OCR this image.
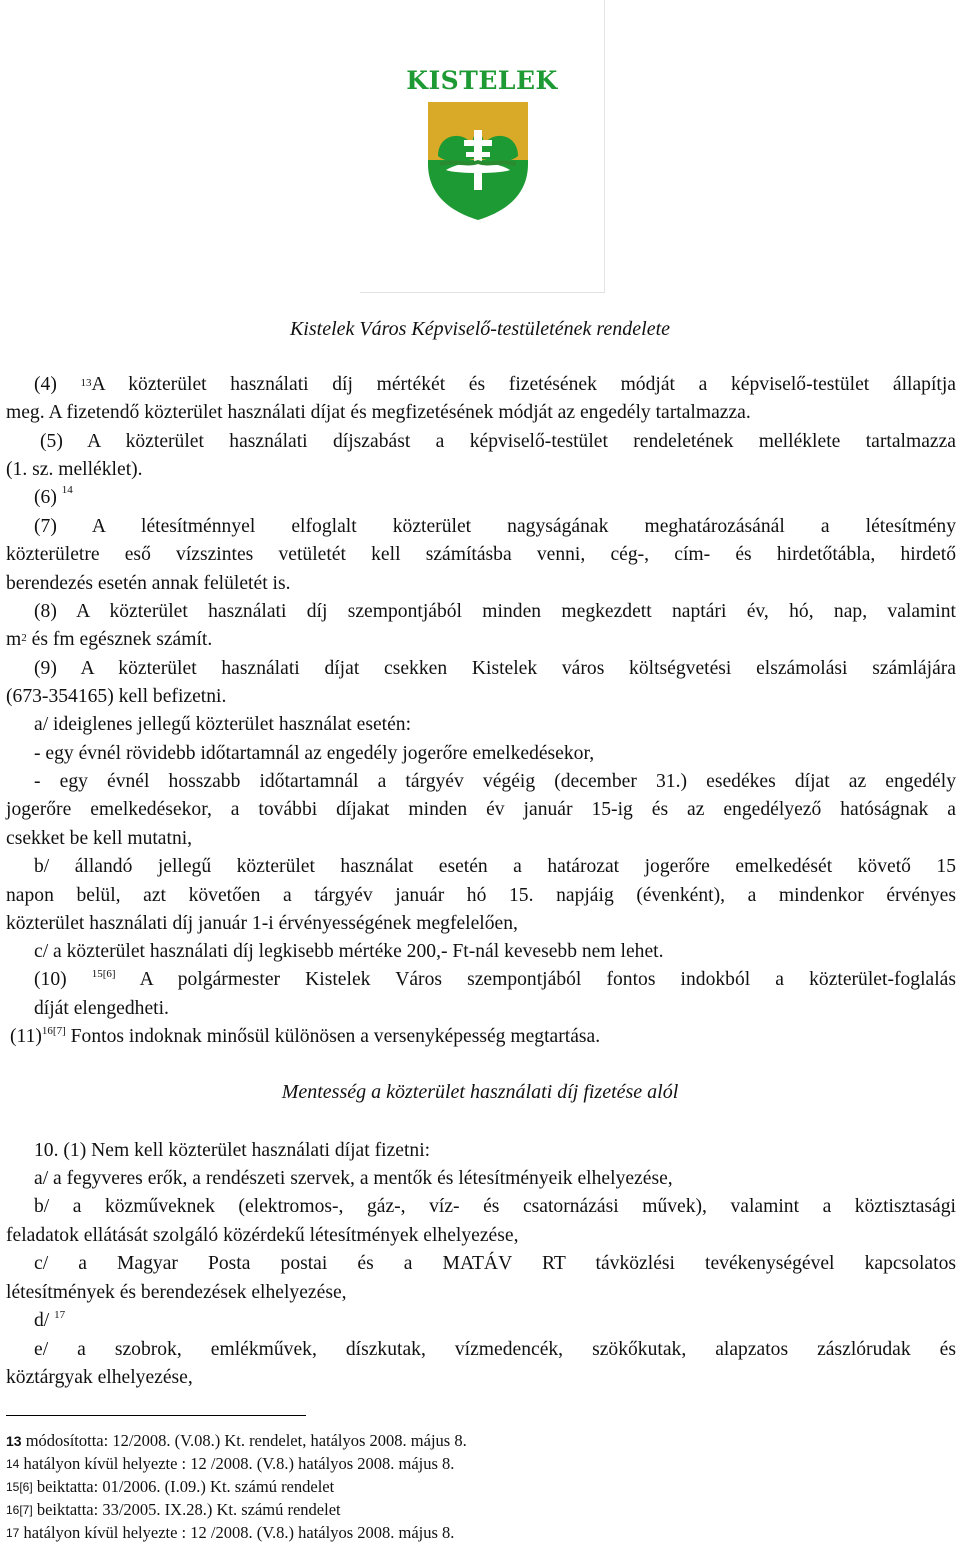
KISTELEK
Kistelek Város Képviselő-testületének rendelete
(4) $^{13}$A közterület használati díj mértékét és fizetésének módját a képviselő-testület állapítja
meg. A fizetendő közterület használati díjat és megfizetésének módját az engedély tartalmazza.
(5) A közterület használati díjszabást a képviselő-testület rendeletének melléklete tartalmazza
(1. sz. melléklet).
(6) $^{14}$
(7) A létesítménnyel elfoglalt közterület nagyságának meghatározásánál a létesítmény
közterületre eső vízszintes vetületét kell számításba venni, cég-, cím- és hirdetőtábla, hirdető
berendezés esetén annak felületét is.
(8) A közterület használati díj szempontjából minden megkezdett naptári év, hó, nap, valamint
$m^2$ és fm egésznek számít.
(9) A közterület használati díjat csekken Kistelek város költségvetési elszámolási számlájára
(673-354165) kell befizetni.
a/ ideiglenes jellegű közterület használat esetén:
- egy évnél rövidebb időtartamnál az engedély jogerőre emelkedésekor,
- egy évnél hosszabb időtartamnál a tárgyév végéig (december 31.) esedékes díjat az engedély
jogerőre emelkedésekor, a további díjakat minden év január 15-ig és az engedélyező hatóságnak a
csekket be kell mutatni,
b/ állandó jellegű közterület használat esetén a határozat jogerőre emelkedését követő 15
napon belül, azt követően a tárgyév január hó 15. napjáig (évenként), a mindenkor érvényes
közterület használati díj január 1-i érvényességének megfelelően,
c/ a közterület használati díj legkisebb mértéke 200,- Ft-nál kevesebb nem lehet.
(10) $^{15[6]}$ A polgármester Kistelek Város szempontjából fontos indokból a közterület-foglalás
díját elengedheti.
$(11)^{16[7]}$ Fontos indoknak minősül különösen a versenyképesség megtartása.
Mentesség a közterület használati díj fizetése alól
10. (1) Nem kell közterület használati díjat fizetni:
a/ a fegyveres erők, a rendészeti szervek, a mentők és létesítményeik elhelyezése,
b/ a közműveknek (elektromos-, gáz-, víz- és csatornázási művek), valamint a köztisztasági
feladatok ellátását szolgáló közérdekű létesítmények elhelyezése,
c/ a Magyar Posta postai és a MATÁV RT távközlési tevékenységével kapcsolatos
létesítmények és berendezések elhelyezése,
d/ $^{17}$
e/ a szobrok, emlékművek, díszkutak, vízmedencék, szökőkutak, alapzatos zászlórudak és
köztárgyak elhelyezése,
$^{13}$ módosította: 12/2008. (V.08.) Kt. rendelet, hatályos 2008. május 8.
$^{14}$ hatályon kívül helyezte : 12 /2008. (V.8.) hatályos 2008. május 8.
$^{15[6]}$ beiktatta: 01/2006. (I.09.) Kt. számú rendelet
$^{16[7]}$ beiktatta: 33/2005. IX.28.) Kt. számú rendelet
$^{17}$ hatályon kívül helyezte : 12 /2008. (V.8.) hatályos 2008. május 8.
